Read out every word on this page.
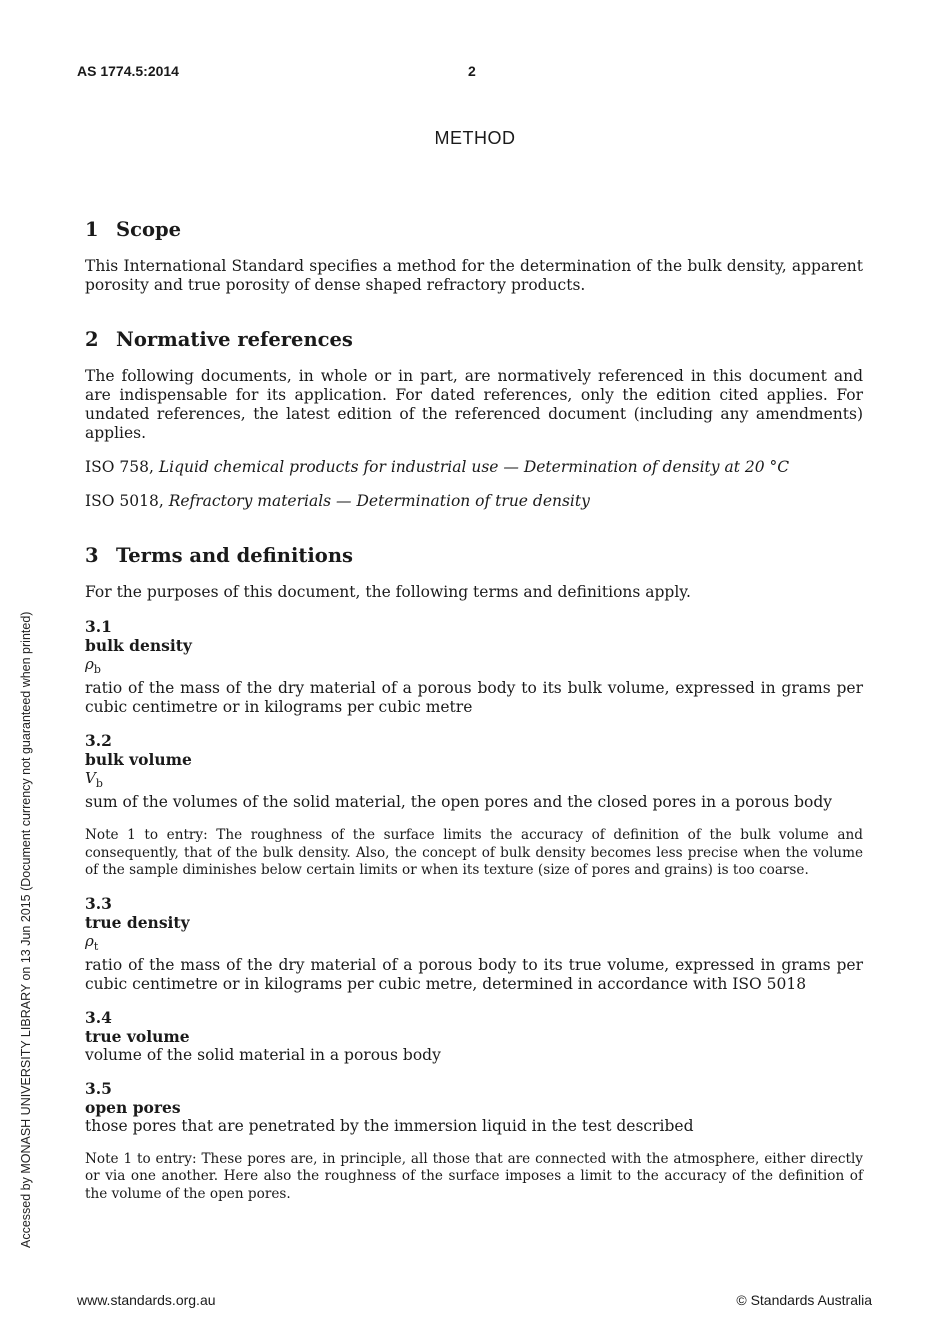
AS 1774.5:2014	2
METHOD
1 Scope

This International Standard specifies a method for the determination of the bulk density, apparent porosity and true porosity of dense shaped refractory products.

2 Normative references

The following documents, in whole or in part, are normatively referenced in this document and are indispensable for its application. For dated references, only the edition cited applies. For undated references, the latest edition of the referenced document (including any amendments) applies.

ISO 758, Liquid chemical products for industrial use — Determination of density at 20 °C

ISO 5018, Refractory materials — Determination of true density

3 Terms and definitions

For the purposes of this document, the following terms and definitions apply.

3.1

bulk density

$\rho_b$

ratio of the mass of the dry material of a porous body to its bulk volume, expressed in grams per cubic centimetre or in kilograms per cubic metre

3.2

bulk volume

$V_b$

sum of the volumes of the solid material, the open pores and the closed pores in a porous body

Note 1 to entry: The roughness of the surface limits the accuracy of definition of the bulk volume and consequently, that of the bulk density. Also, the concept of bulk density becomes less precise when the volume of the sample diminishes below certain limits or when its texture (size of pores and grains) is too coarse.

3.3

true density

$\rho_t$

ratio of the mass of the dry material of a porous body to its true volume, expressed in grams per cubic centimetre or in kilograms per cubic metre, determined in accordance with ISO 5018

3.4

true volume

volume of the solid material in a porous body

3.5

open pores

those pores that are penetrated by the immersion liquid in the test described

Note 1 to entry: These pores are, in principle, all those that are connected with the atmosphere, either directly or via one another. Here also the roughness of the surface imposes a limit to the accuracy of the definition of the volume of the open pores.

Accessed by MONASH UNIVERSITY LIBRARY on 13 Jun 2015 (Document currency not guaranteed when printed)
www.standards.org.au	© Standards Australia
